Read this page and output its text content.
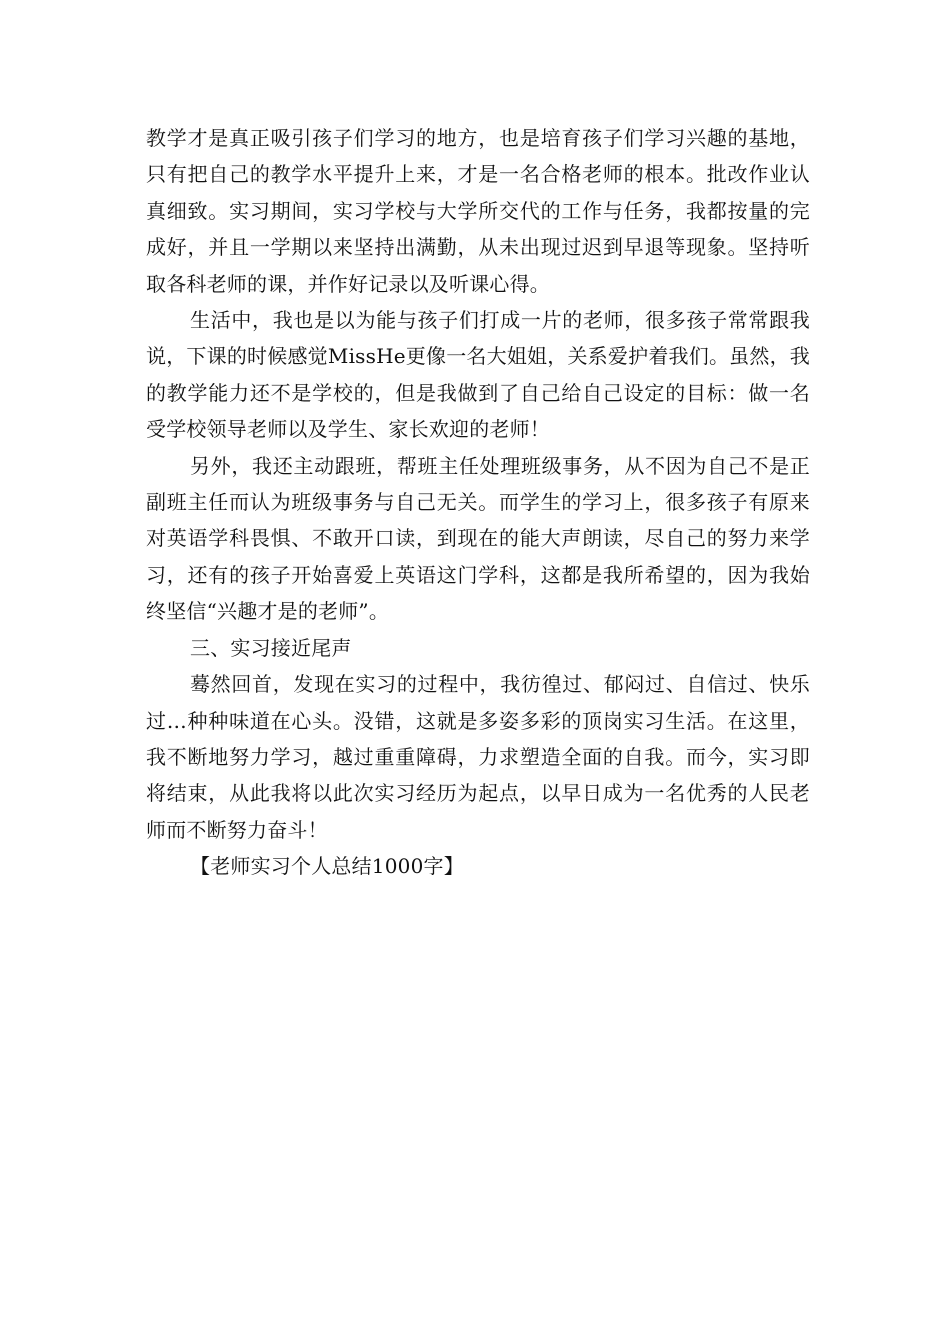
教学才是真正吸引孩子们学习的地方，也是培育孩子们学习兴趣的基地，只有把自己的教学水平提升上来，才是一名合格老师的根本。批改作业认真细致。实习期间，实习学校与大学所交代的工作与任务，我都按量的完成好，并且一学期以来坚持出满勤，从未出现过迟到早退等现象。坚持听取各科老师的课，并作好记录以及听课心得。

生活中，我也是以为能与孩子们打成一片的老师，很多孩子常常跟我说，下课的时候感觉MissHe更像一名大姐姐，关系爱护着我们。虽然，我的教学能力还不是学校的，但是我做到了自己给自己设定的目标：做一名受学校领导老师以及学生、家长欢迎的老师！

另外，我还主动跟班，帮班主任处理班级事务，从不因为自己不是正副班主任而认为班级事务与自己无关。而学生的学习上，很多孩子有原来对英语学科畏惧、不敢开口读，到现在的能大声朗读，尽自己的努力来学习，还有的孩子开始喜爱上英语这门学科，这都是我所希望的，因为我始终坚信“兴趣才是的老师”。

三、实习接近尾声

蓦然回首，发现在实习的过程中，我彷徨过、郁闷过、自信过、快乐过…种种味道在心头。没错，这就是多姿多彩的顶岗实习生活。在这里，我不断地努力学习，越过重重障碍，力求塑造全面的自我。而今，实习即将结束，从此我将以此次实习经历为起点，以早日成为一名优秀的人民老师而不断努力奋斗！

【老师实习个人总结1000字】
